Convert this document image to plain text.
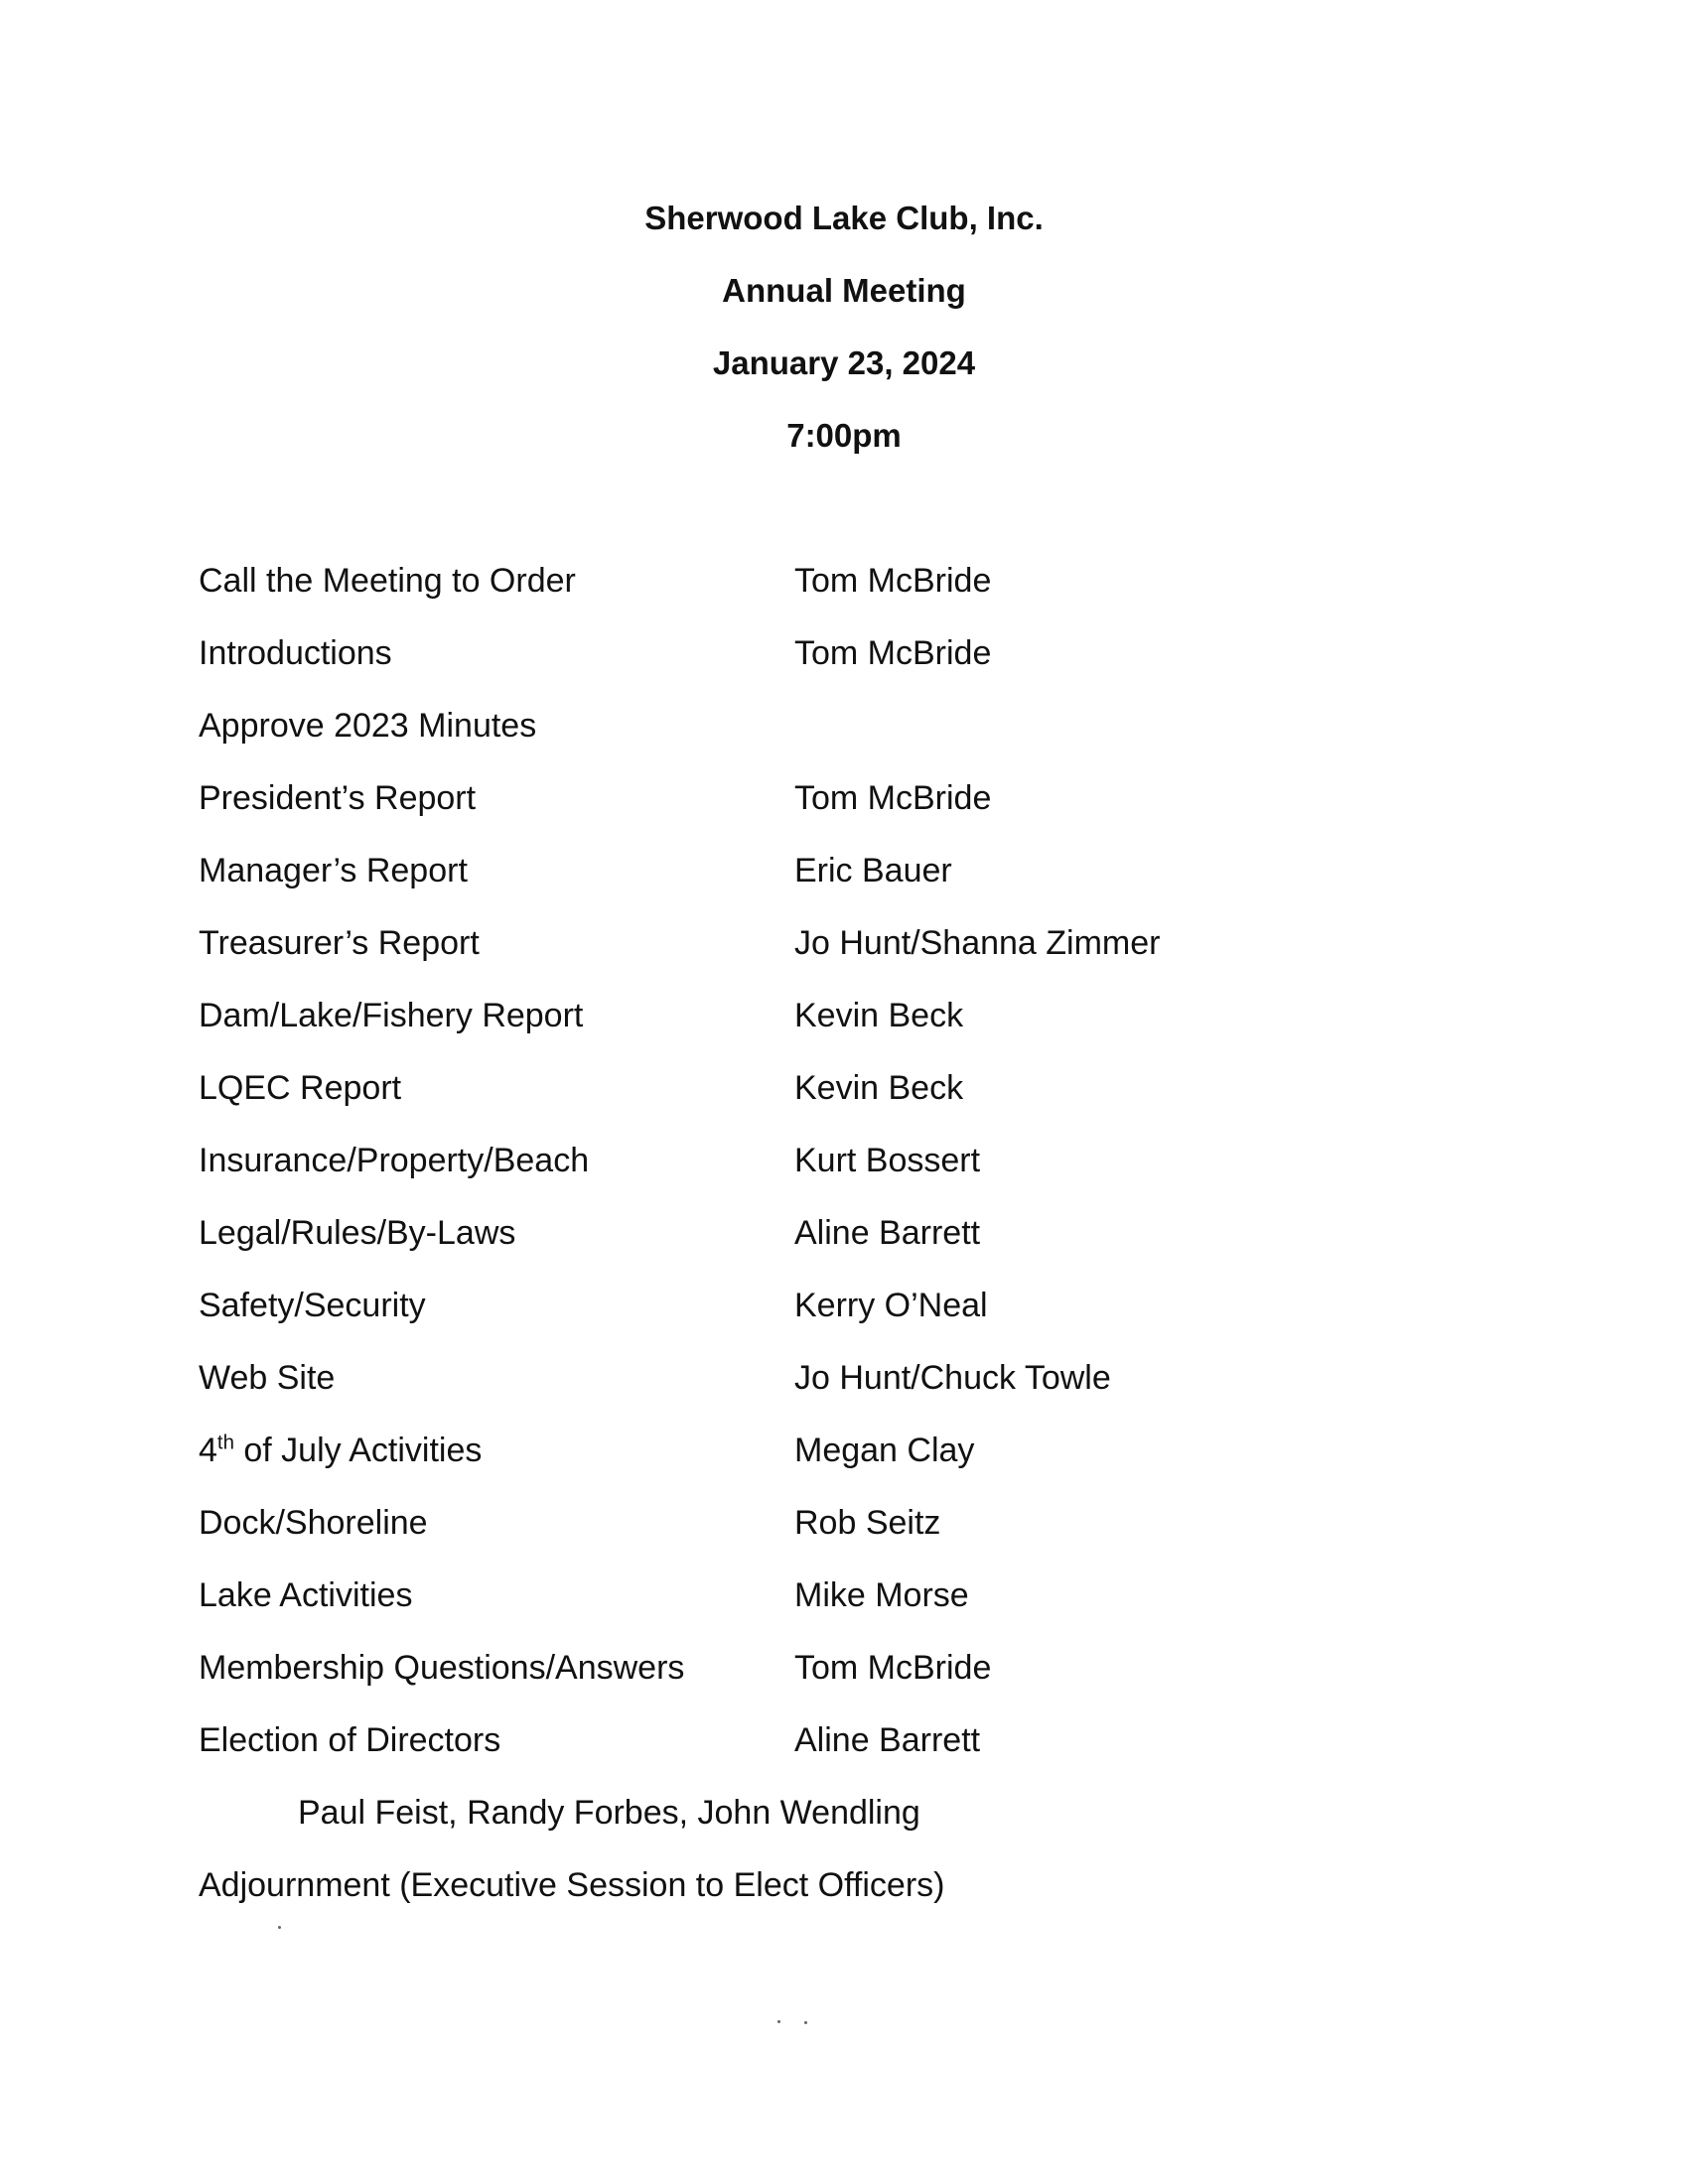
Sherwood Lake Club, Inc.
Annual Meeting
January 23, 2024
7:00pm
Call the Meeting to Order	Tom McBride
Introductions	Tom McBride
Approve 2023 Minutes
President’s Report	Tom McBride
Manager’s Report	Eric Bauer
Treasurer’s Report	Jo Hunt/Shanna Zimmer
Dam/Lake/Fishery Report	Kevin Beck
LQEC Report	Kevin Beck
Insurance/Property/Beach	Kurt Bossert
Legal/Rules/By-Laws	Aline Barrett
Safety/Security	Kerry O’Neal
Web Site	Jo Hunt/Chuck Towle
4th of July Activities	Megan Clay
Dock/Shoreline	Rob Seitz
Lake Activities	Mike Morse
Membership Questions/Answers	Tom McBride
Election of Directors	Aline Barrett
Paul Feist, Randy Forbes, John Wendling
Adjournment (Executive Session to Elect Officers)
